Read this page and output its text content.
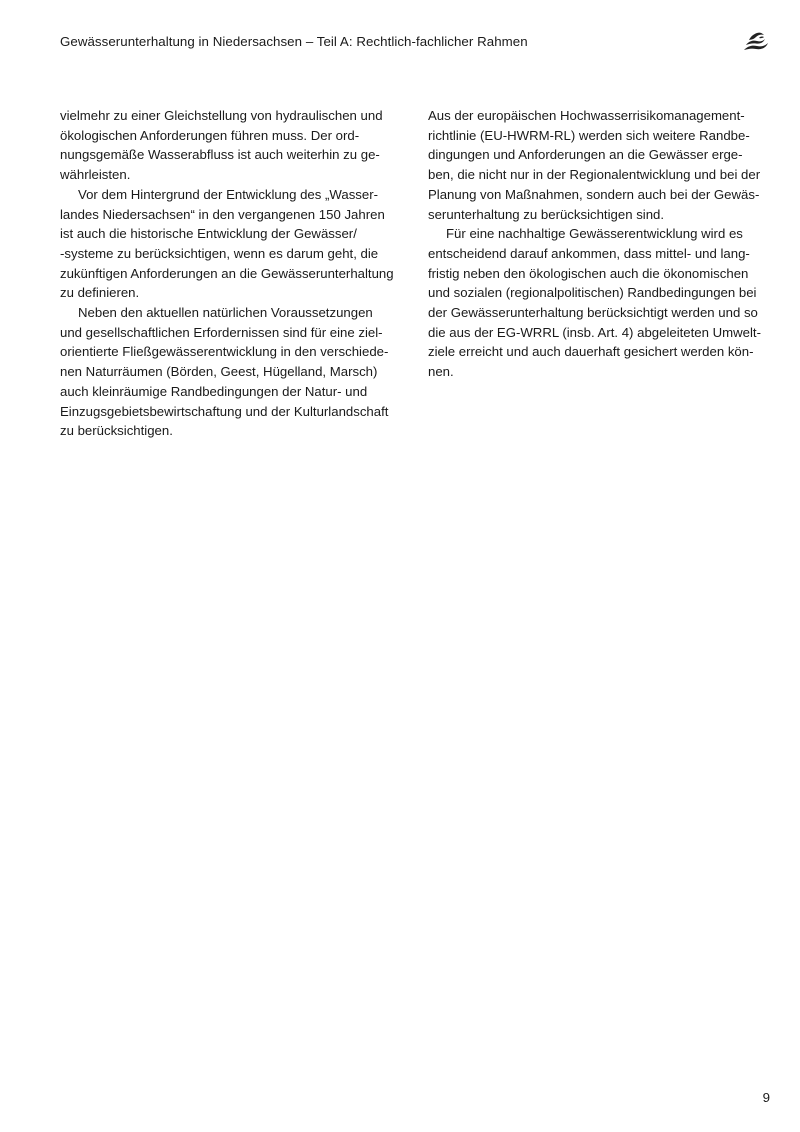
Gewässerunterhaltung in Niedersachsen – Teil A: Rechtlich-fachlicher Rahmen
vielmehr zu einer Gleichstellung von hydraulischen und
ökologischen Anforderungen führen muss. Der ord-
nungsgemäße Wasserabfluss ist auch weiterhin zu ge-
währleisten.
Vor dem Hintergrund der Entwicklung des „Wasser-
landes Niedersachsen“ in den vergangenen 150 Jahren
ist auch die historische Entwicklung der Gewässer/
-systeme zu berücksichtigen, wenn es darum geht, die
zukünftigen Anforderungen an die Gewässerunterhaltung
zu definieren.
Neben den aktuellen natürlichen Voraussetzungen
und gesellschaftlichen Erfordernissen sind für eine ziel-
orientierte Fließgewässerentwicklung in den verschiede-
nen Naturräumen (Börden, Geest, Hügelland, Marsch)
auch kleinräumige Randbedingungen der Natur- und
Einzugsgebietsbewirtschaftung und der Kulturlandschaft
zu berücksichtigen.
Aus der europäischen Hochwasserrisikomanagement-
richtlinie (EU-HWRM-RL) werden sich weitere Randbe-
dingungen und Anforderungen an die Gewässer erge-
ben, die nicht nur in der Regionalentwicklung und bei der
Planung von Maßnahmen, sondern auch bei der Gewäs-
serunterhaltung zu berücksichtigen sind.
Für eine nachhaltige Gewässerentwicklung wird es
entscheidend darauf ankommen, dass mittel- und lang-
fristig neben den ökologischen auch die ökonomischen
und sozialen (regionalpolitischen) Randbedingungen bei
der Gewässerunterhaltung berücksichtigt werden und so
die aus der EG-WRRL (insb. Art. 4) abgeleiteten Umwelt-
ziele erreicht und auch dauerhaft gesichert werden kön-
nen.
9
